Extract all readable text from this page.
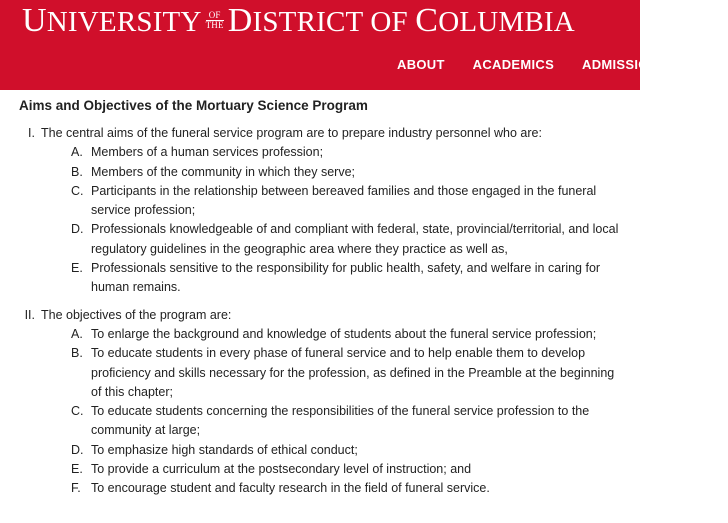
UNIVERSITY OF
THE DISTRICT OF COLUMBIA
ABOUT ACADEMICS ADMISSIONS S
Aims and Objectives of the Mortuary Science Program
I. The central aims of the funeral service program are to prepare industry personnel who are:
A. Members of a human services profession;
B. Members of the community in which they serve;
C. Participants in the relationship between bereaved families and those engaged in the funeral service profession;
D. Professionals knowledgeable of and compliant with federal, state, provincial/territorial, and local regulatory guidelines in the geographic area where they practice as well as,
E. Professionals sensitive to the responsibility for public health, safety, and welfare in caring for human remains.
II. The objectives of the program are:
A. To enlarge the background and knowledge of students about the funeral service profession;
B. To educate students in every phase of funeral service and to help enable them to develop proficiency and skills necessary for the profession, as defined in the Preamble at the beginning of this chapter;
C. To educate students concerning the responsibilities of the funeral service profession to the community at large;
D. To emphasize high standards of ethical conduct;
E. To provide a curriculum at the postsecondary level of instruction; and
F. To encourage student and faculty research in the field of funeral service.
